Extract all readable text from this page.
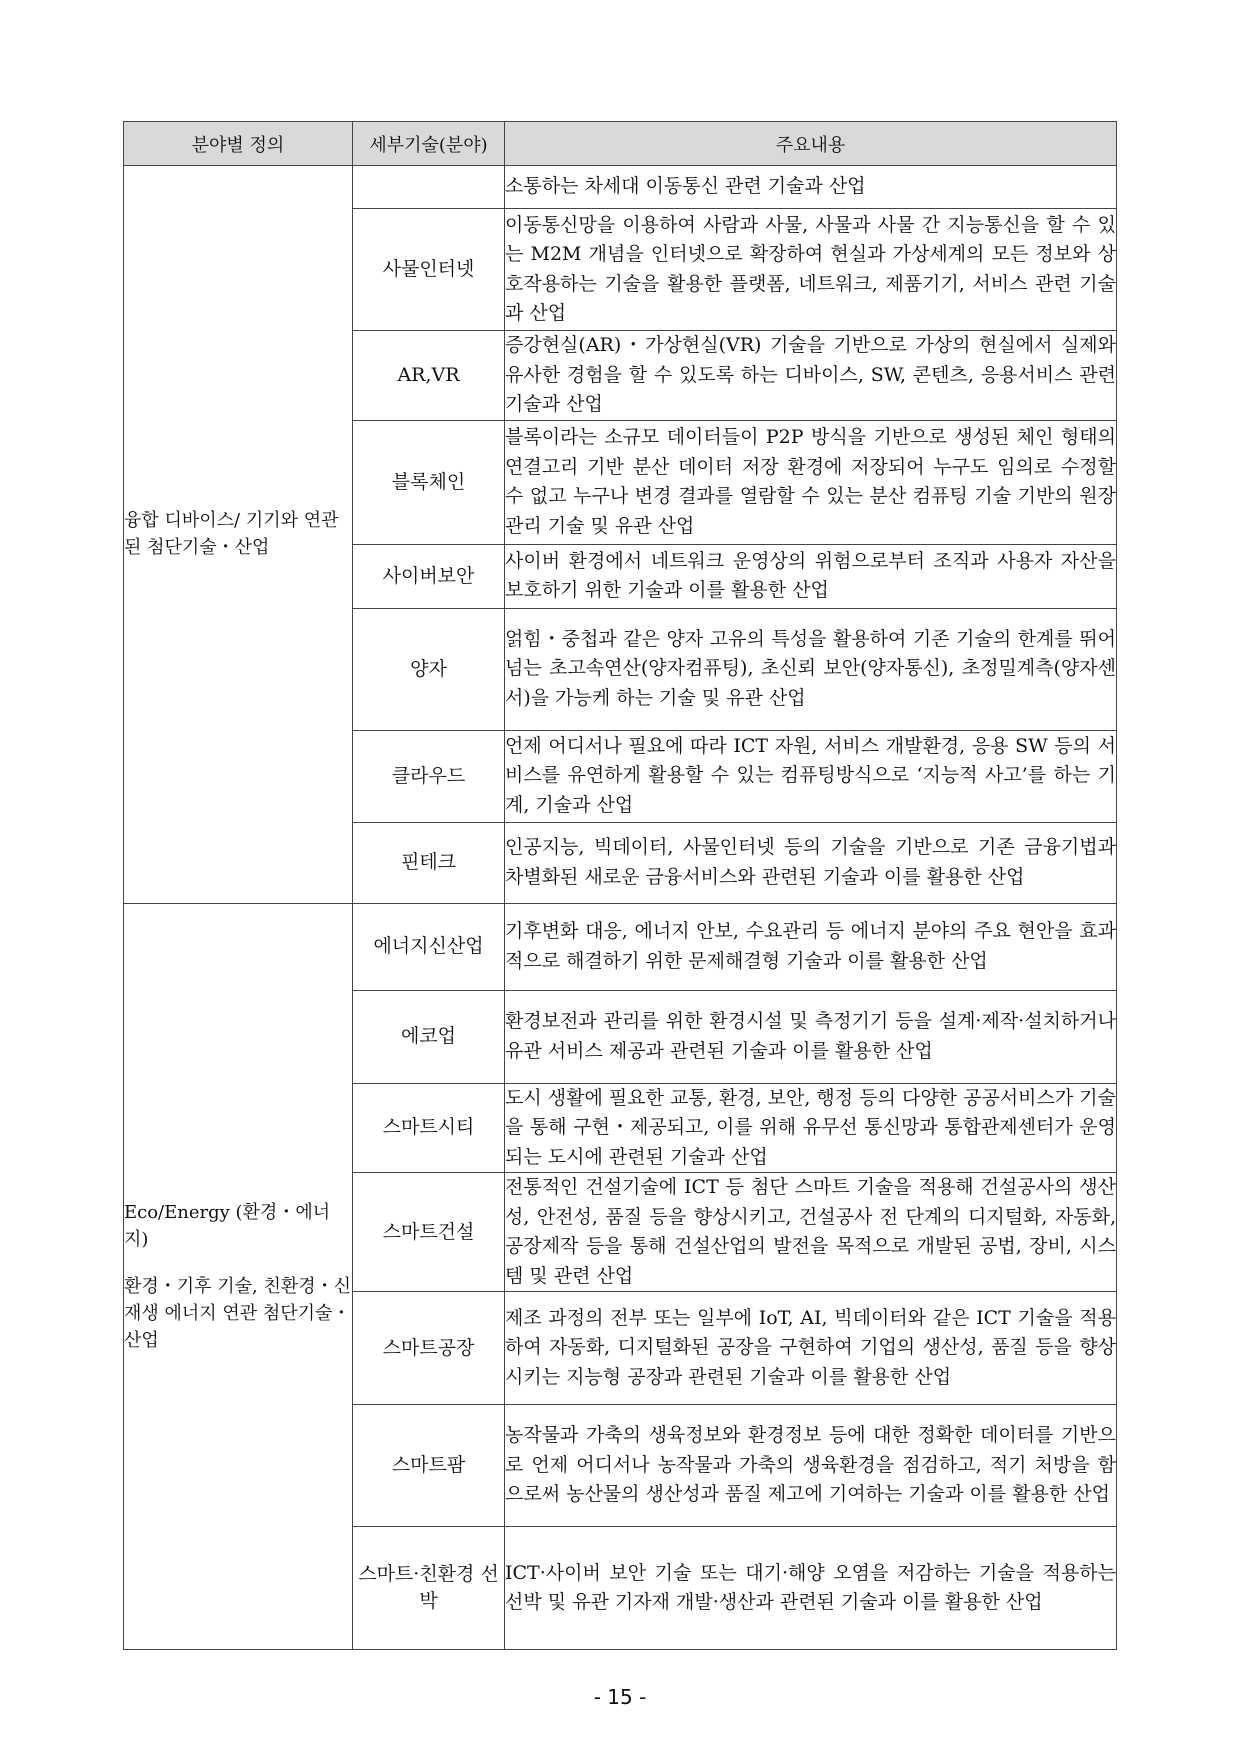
분야별 정의	세부기술(분야)	주요내용

융합 디바이스/ 기기와 연관된 첨단기술・산업		소통하는 차세대 이동통신 관련 기술과 산업
	사물인터넷	이동통신망을 이용하여 사람과 사물, 사물과 사물 간 지능통신을 할 수 있는 M2M 개념을 인터넷으로 확장하여 현실과 가상세계의 모든 정보와 상호작용하는 기술을 활용한 플랫폼, 네트워크, 제품기기, 서비스 관련 기술과 산업
	AR,VR	증강현실(AR)・가상현실(VR) 기술을 기반으로 가상의 현실에서 실제와 유사한 경험을 할 수 있도록 하는 디바이스, SW, 콘텐츠, 응용서비스 관련 기술과 산업
	블록체인	블록이라는 소규모 데이터들이 P2P 방식을 기반으로 생성된 체인 형태의 연결고리 기반 분산 데이터 저장 환경에 저장되어 누구도 임의로 수정할 수 없고 누구나 변경 결과를 열람할 수 있는 분산 컴퓨팅 기술 기반의 원장관리 기술 및 유관 산업
	사이버보안	사이버 환경에서 네트워크 운영상의 위험으로부터 조직과 사용자 자산을 보호하기 위한 기술과 이를 활용한 산업
	양자	얽힘・중첩과 같은 양자 고유의 특성을 활용하여 기존 기술의 한계를 뛰어넘는 초고속연산(양자컴퓨팅), 초신뢰 보안(양자통신), 초정밀계측(양자센서)을 가능케 하는 기술 및 유관 산업
	클라우드	언제 어디서나 필요에 따라 ICT 자원, 서비스 개발환경, 응용 SW 등의 서비스를 유연하게 활용할 수 있는 컴퓨팅방식으로 ‘지능적 사고’를 하는 기계, 기술과 산업
	핀테크	인공지능, 빅데이터, 사물인터넷 등의 기술을 기반으로 기존 금융기법과 차별화된 새로운 금융서비스와 관련된 기술과 이를 활용한 산업

Eco/Energy (환경・에너지)
환경・기후 기술, 친환경・신재생 에너지 연관 첨단기술・산업	에너지신산업	기후변화 대응, 에너지 안보, 수요관리 등 에너지 분야의 주요 현안을 효과적으로 해결하기 위한 문제해결형 기술과 이를 활용한 산업
	에코업	환경보전과 관리를 위한 환경시설 및 측정기기 등을 설계·제작·설치하거나 유관 서비스 제공과 관련된 기술과 이를 활용한 산업
	스마트시티	도시 생활에 필요한 교통, 환경, 보안, 행정 등의 다양한 공공서비스가 기술을 통해 구현・제공되고, 이를 위해 유무선 통신망과 통합관제센터가 운영되는 도시에 관련된 기술과 산업
	스마트건설	전통적인 건설기술에 ICT 등 첨단 스마트 기술을 적용해 건설공사의 생산성, 안전성, 품질 등을 향상시키고, 건설공사 전 단계의 디지털화, 자동화, 공장제작 등을 통해 건설산업의 발전을 목적으로 개발된 공법, 장비, 시스템 및 관련 산업
	스마트공장	제조 과정의 전부 또는 일부에 IoT, AI, 빅데이터와 같은 ICT 기술을 적용하여 자동화, 디지털화된 공장을 구현하여 기업의 생산성, 품질 등을 향상시키는 지능형 공장과 관련된 기술과 이를 활용한 산업
	스마트팜	농작물과 가축의 생육정보와 환경정보 등에 대한 정확한 데이터를 기반으로 언제 어디서나 농작물과 가축의 생육환경을 점검하고, 적기 처방을 함으로써 농산물의 생산성과 품질 제고에 기여하는 기술과 이를 활용한 산업
	스마트·친환경 선박	ICT·사이버 보안 기술 또는 대기·해양 오염을 저감하는 기술을 적용하는 선박 및 유관 기자재 개발·생산과 관련된 기술과 이를 활용한 산업
- 15 -
